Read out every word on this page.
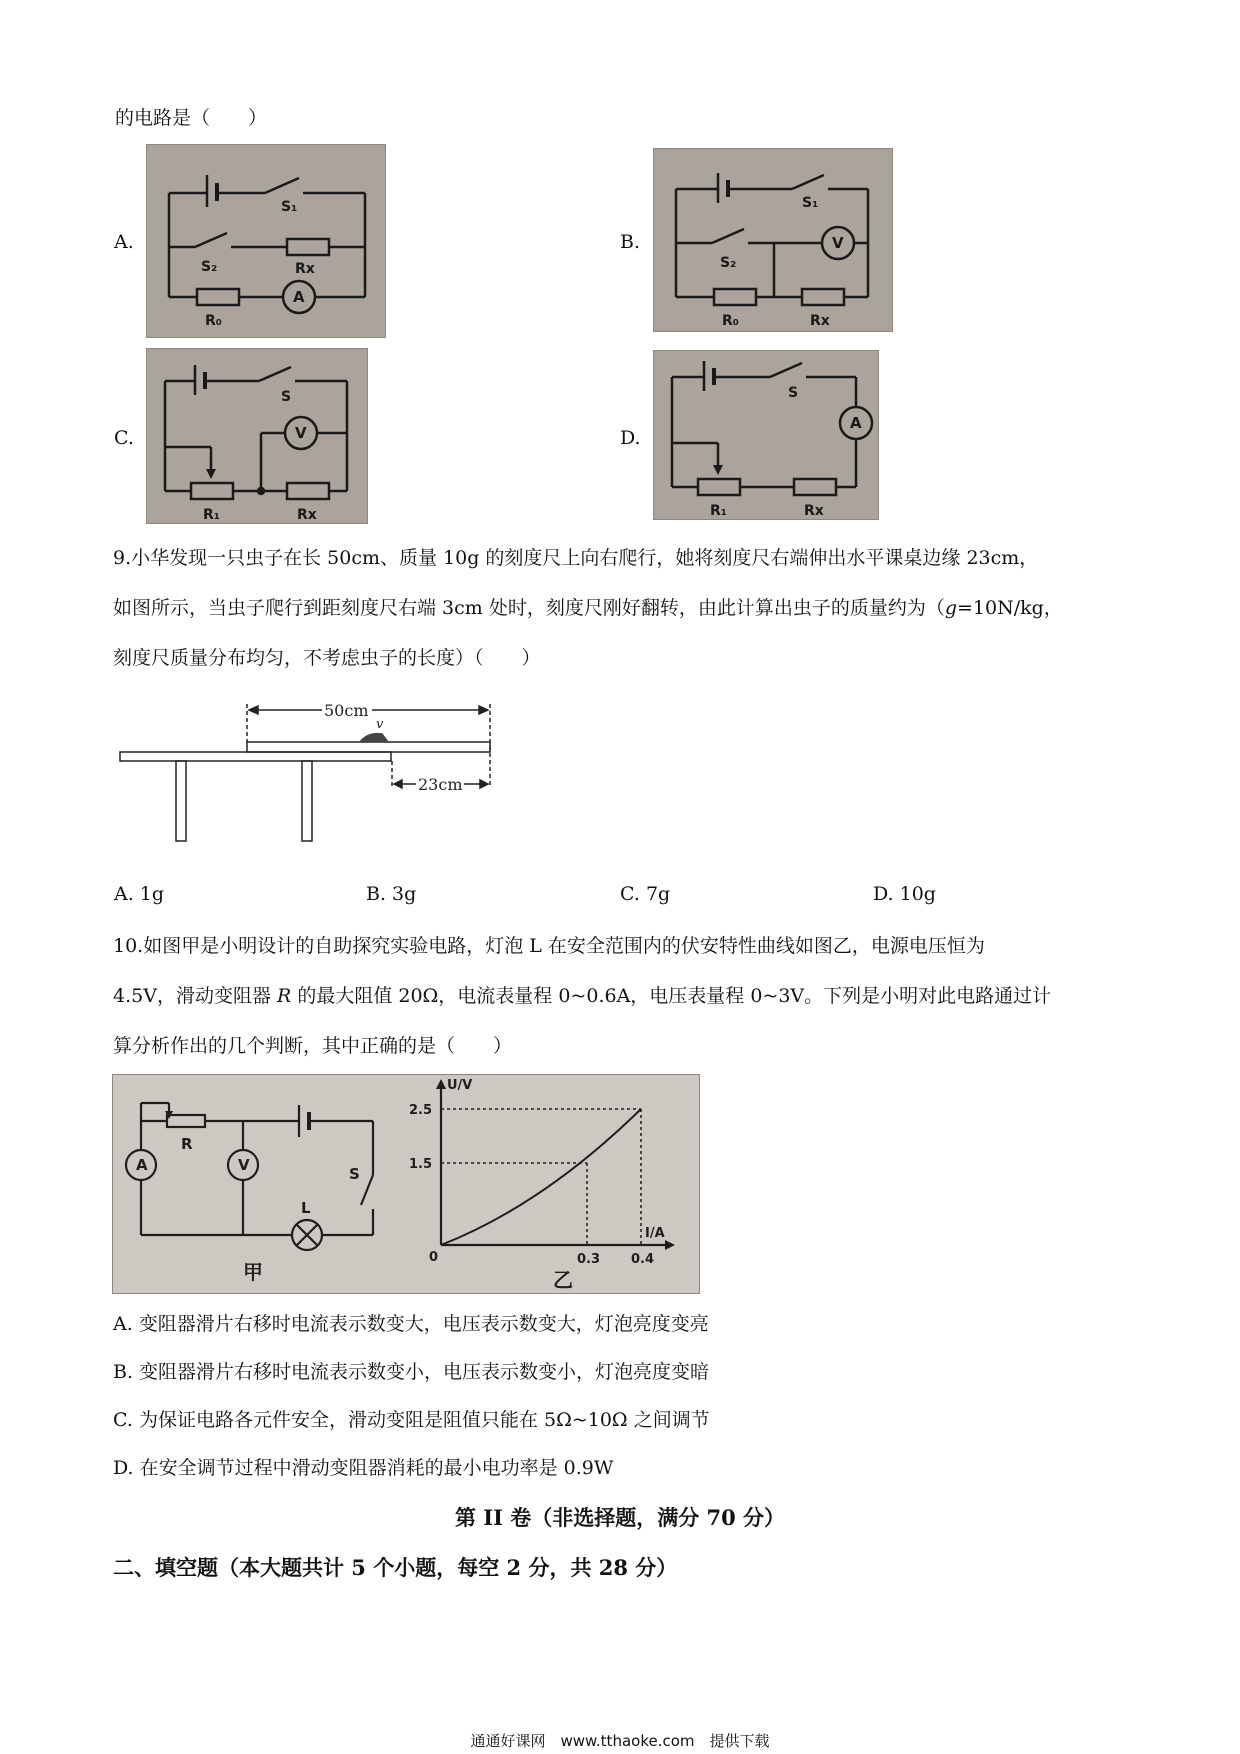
的电路是（　　）
A.
S₁
S₂	Rx
R₀
A
B.
S₁
S₂
R₀	Rx
V
C.
S
R₁	Rx
V	D.
S
R₁	Rx
A
9.小华发现一只虫子在长 50cm、质量 10g 的刻度尺上向右爬行，她将刻度尺右端伸出水平课桌边缘 23cm，
如图所示，当虫子爬行到距刻度尺右端 3cm 处时，刻度尺刚好翻转，由此计算出虫子的质量约为（g=10N/kg，
刻度尺质量分布均匀，不考虑虫子的长度）（　　）
50cm
23cm
v
A. 1g	B. 3g	C. 7g	D. 10g
10.如图甲是小明设计的自助探究实验电路，灯泡 L 在安全范围内的伏安特性曲线如图乙，电源电压恒为
4.5V，滑动变阻器 R 的最大阻值 20Ω，电流表量程 0~0.6A，电压表量程 0~3V。下列是小明对此电路通过计
算分析作出的几个判断，其中正确的是（　　）
R
A	V	S
L
甲
U/V
I/A
2.5
1.5
0	0.3 0.4
乙
A. 变阻器滑片右移时电流表示数变大，电压表示数变大，灯泡亮度变亮
B. 变阻器滑片右移时电流表示数变小，电压表示数变小，灯泡亮度变暗
C. 为保证电路各元件安全，滑动变阻是阻值只能在 5Ω~10Ω 之间调节
D. 在安全调节过程中滑动变阻器消耗的最小电功率是 0.9W
第 II 卷（非选择题，满分 70 分）
二、填空题（本大题共计 5 个小题，每空 2 分，共 28 分）
通通好课网　www.tthaoke.com　提供下载
